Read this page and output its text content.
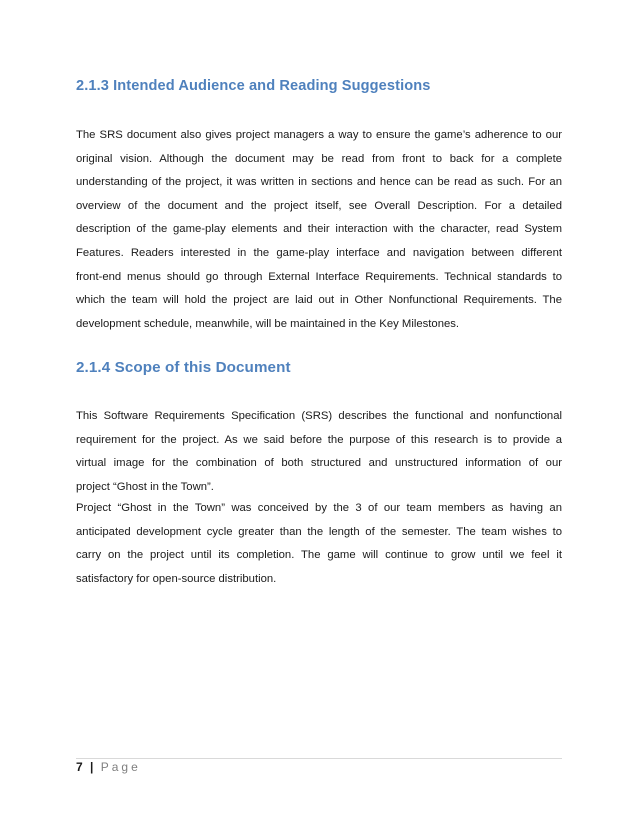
2.1.3 Intended Audience and Reading Suggestions
The SRS document also gives project managers a way to ensure the game’s adherence to our
original vision. Although the document may be read from front to back for a complete
understanding of the project, it was written in sections and hence can be read as such. For an
overview of the document and the project itself, see Overall Description. For a detailed
description of the game-play elements and their interaction with the character, read System
Features. Readers interested in the game-play interface and navigation between different
front-end menus should go through External Interface Requirements. Technical standards to
which the team will hold the project are laid out in Other Nonfunctional Requirements. The
development schedule, meanwhile, will be maintained in the Key Milestones.
2.1.4 Scope of this Document
This Software Requirements Specification (SRS) describes the functional and nonfunctional
requirement for the project. As we said before the purpose of this research is to provide a
virtual image for the combination of both structured and unstructured information of our
project “Ghost in the Town”.
Project “Ghost in the Town” was conceived by the 3 of our team members as having an
anticipated development cycle greater than the length of the semester. The team wishes to
carry on the project until its completion. The game will continue to grow until we feel it
satisfactory for open-source distribution.
7 | Page
